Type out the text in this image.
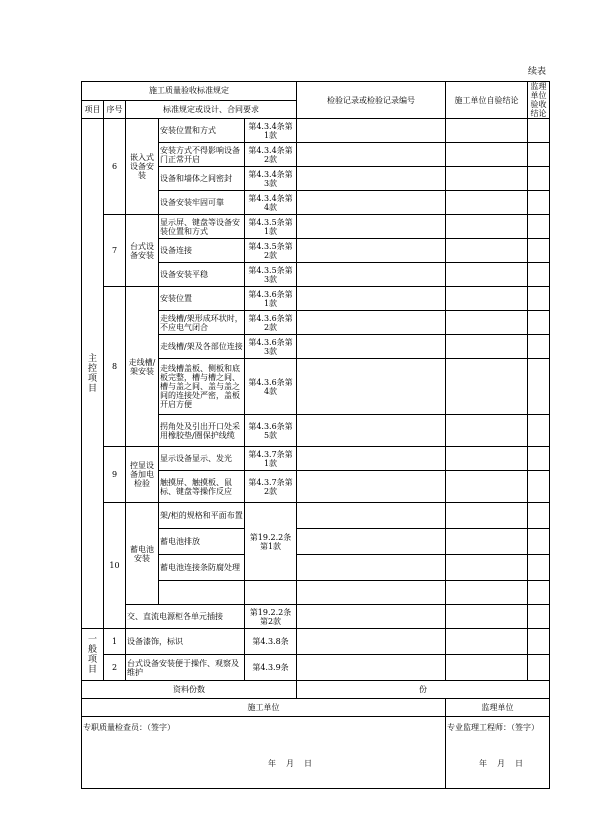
续表
施工质量验收标准规定					检验记录或检验记录编号	施工单位自验结论	监理单位验收结论
项目	序号	标准规定或设计、合同要求					

主控项目	6	嵌入式设备安装	安装位置和方式	第4.3.4条第1款			
			安装方式不得影响设备门正常开启	第4.3.4条第2款			
			设备和墙体之间密封	第4.3.4条第3款			
			设备安装牢固可靠	第4.3.4条第4款			
	7	台式设备安装	显示屏、键盘等设备安装位置和方式	第4.3.5条第1款			
			设备连接	第4.3.5条第2款			
			设备安装平稳	第4.3.5条第3款			
	8	走线槽/架安装	安装位置	第4.3.6条第1款			
			走线槽/架形成环状时，不应电气闭合	第4.3.6条第2款			
			走线槽/架及各部位连接	第4.3.6条第3款			
			走线槽盖板、侧板和底板完整，槽与槽之间、槽与盖之间、盖与盖之间的连接处严密，盖板开启方便	第4.3.6条第4款			
			拐角处及引出开口处采用橡胶垫/圈保护线缆	第4.3.6条第5款			
	9	控显设备加电检验	显示设备显示、发光	第4.3.7条第1款			
			触摸屏、触摸板、鼠标、键盘等操作反应	第4.3.7条第2款			
	10	蓄电池安装	架/柜的规格和平面布置	第19.2.2条第1款			
			蓄电池排放				
			蓄电池连接条防腐处理				

		交、直流电源柜各单元插接		第19.2.2条第2款			

一般项目	1	设备漆饰，标识		第4.3.8条			
	2	台式设备安装便于操作、观察及维护		第4.3.9条			
资料份数					份		
施工单位						监理单位	
专职质量检查员：（签字）						专业监理工程师：（签字）	
年月日	年月日
